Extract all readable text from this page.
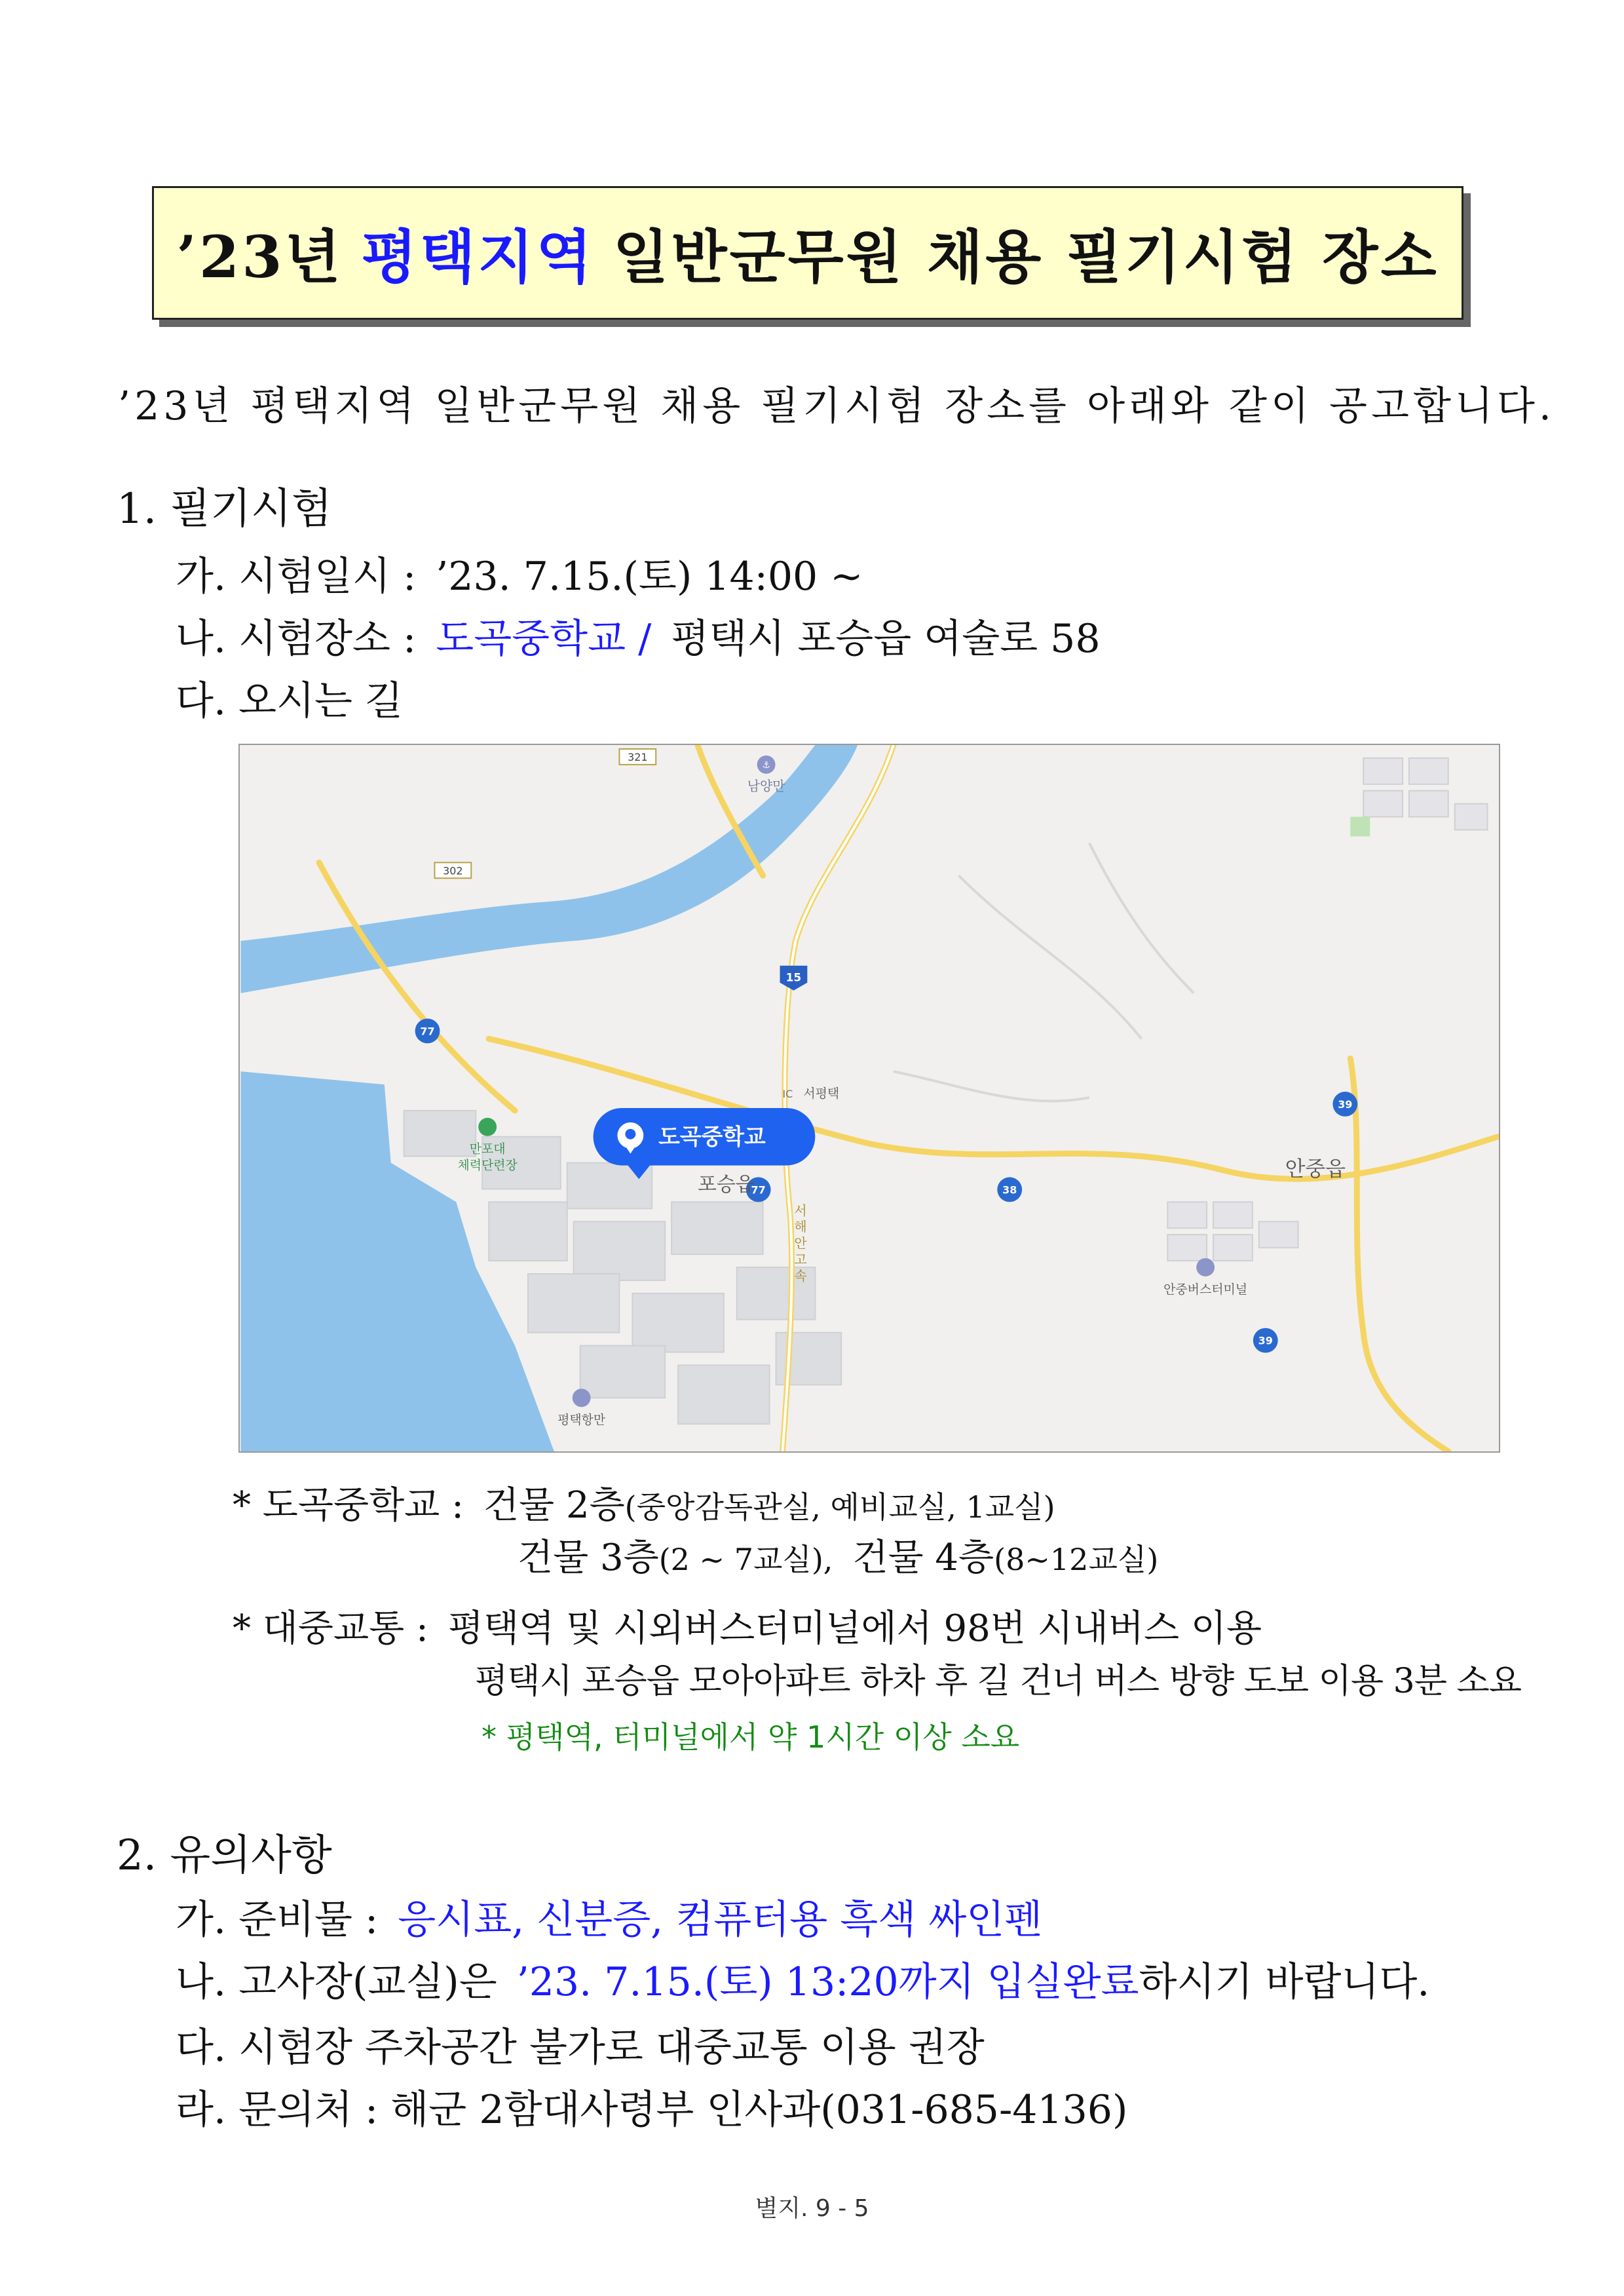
’23년 평택지역 일반군무원 채용 필기시험 장소
’23년 평택지역 일반군무원 채용 필기시험 장소를 아래와 같이 공고합니다.
1. 필기시험
가. 시험일시 : ’23. 7.15.(토) 14:00 ~
나. 시험장소 : 도곡중학교 / 평택시 포승읍 여술로 58
다. 오시는 길
321
302
15
77
77	38
39
39
⚓
남양만
만포대
체력단련장
안중버스터미널
평택항만
IC 서평택
포승읍
안중읍
서
해
안
고
속
도곡중학교
* 도곡중학교 : 건물 2층(중앙감독관실, 예비교실, 1교실)
건물 3층(2 ~ 7교실), 건물 4층(8~12교실)
* 대중교통 : 평택역 및 시외버스터미널에서 98번 시내버스 이용
평택시 포승읍 모아아파트 하차 후 길 건너 버스 방향 도보 이용 3분 소요
* 평택역, 터미널에서 약 1시간 이상 소요
2. 유의사항
가. 준비물 : 응시표, 신분증, 컴퓨터용 흑색 싸인펜
나. 고사장(교실)은 ’23. 7.15.(토) 13:20까지 입실완료하시기 바랍니다.
다. 시험장 주차공간 불가로 대중교통 이용 권장
라. 문의처 : 해군 2함대사령부 인사과(031-685-4136)
별지. 9 - 5
